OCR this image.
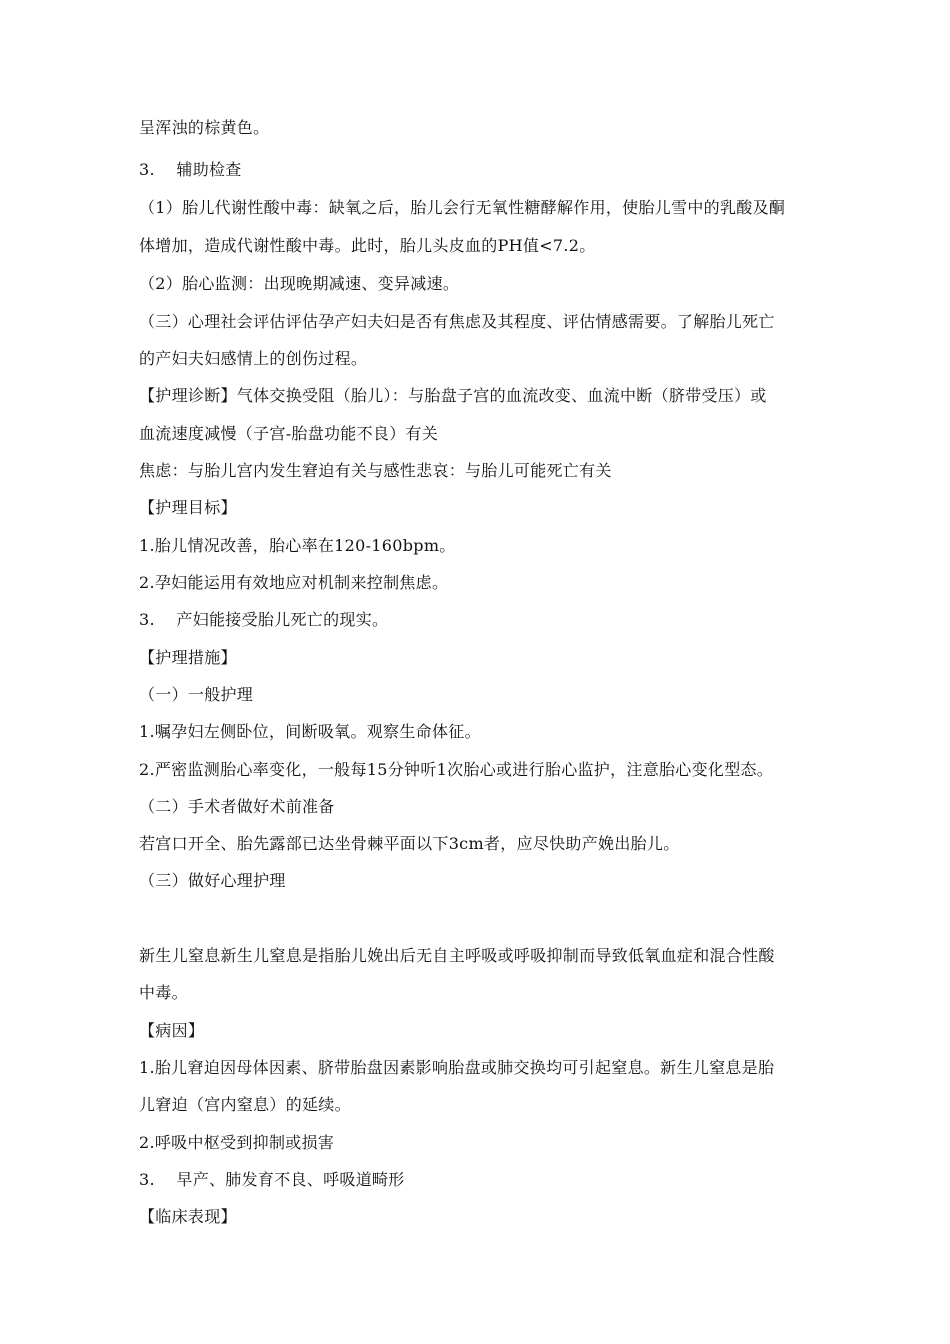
呈浑浊的棕黄色。
3.    辅助检查
（1）胎儿代谢性酸中毒：缺氧之后，胎儿会行无氧性糖酵解作用，使胎儿雪中的乳酸及酮
体增加，造成代谢性酸中毒。此时，胎儿头皮血的PH值<7.2。
（2）胎心监测：出现晚期减速、变异减速。
（三）心理社会评估评估孕产妇夫妇是否有焦虑及其程度、评估情感需要。了解胎儿死亡
的产妇夫妇感情上的创伤过程。
【护理诊断】气体交换受阻（胎儿）：与胎盘子宫的血流改变、血流中断（脐带受压）或
血流速度减慢（子宫-胎盘功能不良）有关
焦虑：与胎儿宫内发生窘迫有关与感性悲哀：与胎儿可能死亡有关
【护理目标】
1.胎儿情况改善，胎心率在120-160bpm。
2.孕妇能运用有效地应对机制来控制焦虑。
3.    产妇能接受胎儿死亡的现实。
【护理措施】
（一）一般护理
1.嘱孕妇左侧卧位，间断吸氧。观察生命体征。
2.严密监测胎心率变化，一般每15分钟听1次胎心或进行胎心监护，注意胎心变化型态。
（二）手术者做好术前准备
若宫口开全、胎先露部已达坐骨棘平面以下3cm者，应尽快助产娩出胎儿。
（三）做好心理护理
新生儿窒息新生儿窒息是指胎儿娩出后无自主呼吸或呼吸抑制而导致低氧血症和混合性酸
中毒。
【病因】
1.胎儿窘迫因母体因素、脐带胎盘因素影响胎盘或肺交换均可引起窒息。新生儿窒息是胎
儿窘迫（宫内窒息）的延续。
2.呼吸中枢受到抑制或损害
3.    早产、肺发育不良、呼吸道畸形
【临床表现】
